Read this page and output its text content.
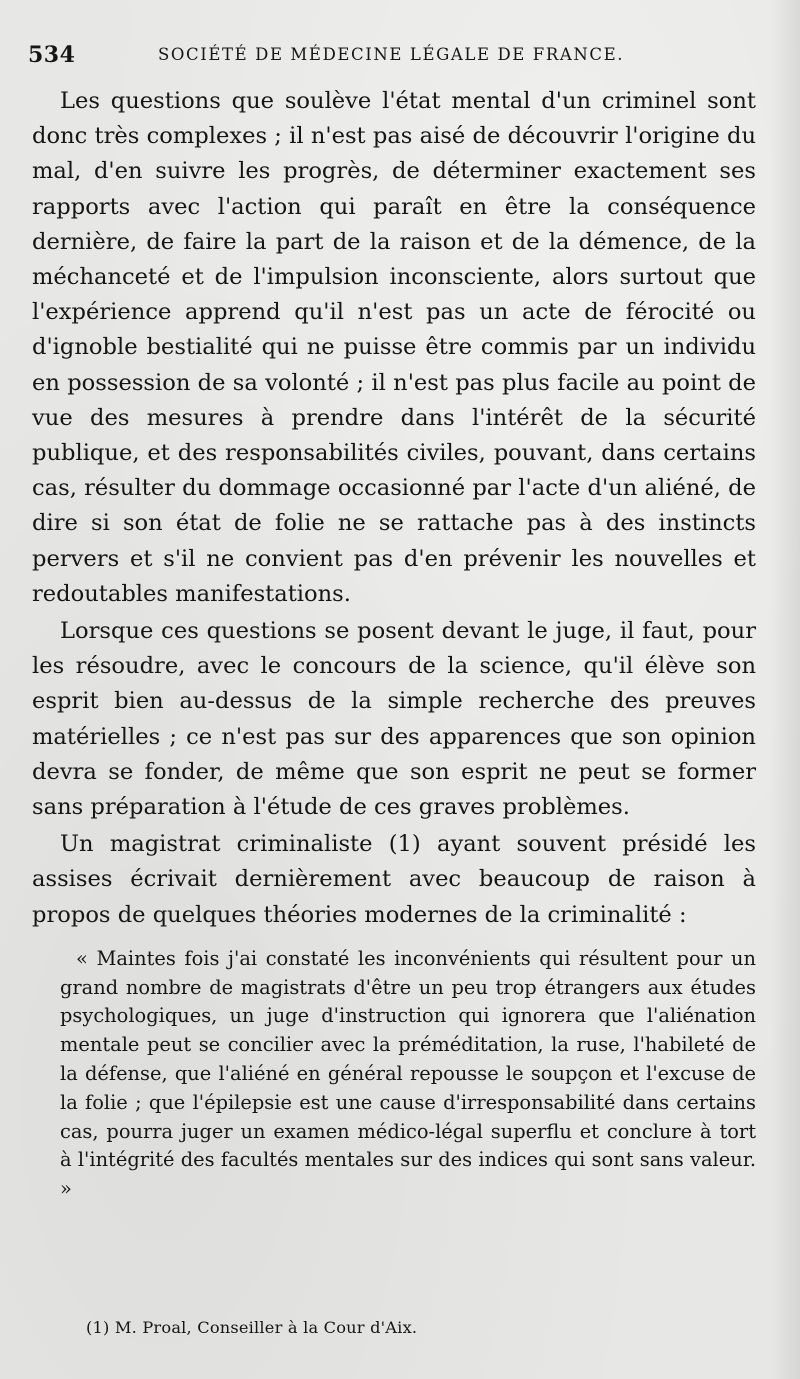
534	SOCIÉTÉ DE MÉDECINE LÉGALE DE FRANCE.

Les questions que soulève l'état mental d'un criminel sont donc très complexes ; il n'est pas aisé de découvrir l'origine du mal, d'en suivre les progrès, de déterminer exactement ses rapports avec l'action qui paraît en être la conséquence dernière, de faire la part de la raison et de la démence, de la méchanceté et de l'impulsion inconsciente, alors surtout que l'expérience apprend qu'il n'est pas un acte de férocité ou d'ignoble bestialité qui ne puisse être commis par un individu en possession de sa volonté ; il n'est pas plus facile au point de vue des mesures à prendre dans l'intérêt de la sécurité publique, et des responsabilités civiles, pouvant, dans certains cas, résulter du dommage occasionné par l'acte d'un aliéné, de dire si son état de folie ne se rattache pas à des instincts pervers et s'il ne convient pas d'en prévenir les nouvelles et redoutables manifestations.

Lorsque ces questions se posent devant le juge, il faut, pour les résoudre, avec le concours de la science, qu'il élève son esprit bien au-dessus de la simple recherche des preuves matérielles ; ce n'est pas sur des apparences que son opinion devra se fonder, de même que son esprit ne peut se former sans préparation à l'étude de ces graves problèmes.

Un magistrat criminaliste (1) ayant souvent présidé les assises écrivait dernièrement avec beaucoup de raison à propos de quelques théories modernes de la criminalité :

« Maintes fois j'ai constaté les inconvénients qui résultent pour un grand nombre de magistrats d'être un peu trop étrangers aux études psychologiques, un juge d'instruction qui ignorera que l'aliénation mentale peut se concilier avec la préméditation, la ruse, l'habileté de la défense, que l'aliéné en général repousse le soupçon et l'excuse de la folie ; que l'épilepsie est une cause d'irresponsabilité dans certains cas, pourra juger un examen médico-légal superflu et conclure à tort à l'intégrité des facultés mentales sur des indices qui sont sans valeur. »

(1) M. Proal, Conseiller à la Cour d'Aix.
